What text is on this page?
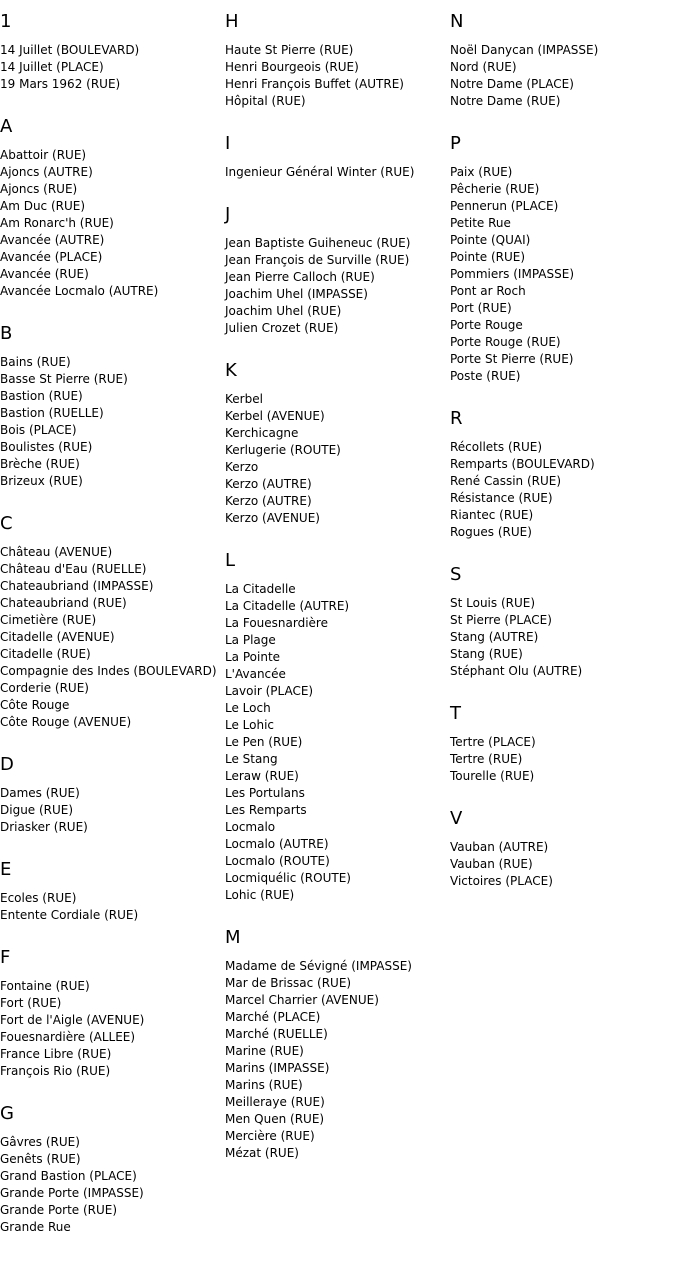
1
14 Juillet (BOULEVARD)
14 Juillet (PLACE)
19 Mars 1962 (RUE)
A
Abattoir (RUE)
Ajoncs (AUTRE)
Ajoncs (RUE)
Am Duc (RUE)
Am Ronarc'h (RUE)
Avancée (AUTRE)
Avancée (PLACE)
Avancée (RUE)
Avancée Locmalo (AUTRE)
B
Bains (RUE)
Basse St Pierre (RUE)
Bastion (RUE)
Bastion (RUELLE)
Bois (PLACE)
Boulistes (RUE)
Brèche (RUE)
Brizeux (RUE)
C
Château (AVENUE)
Château d'Eau (RUELLE)
Chateaubriand (IMPASSE)
Chateaubriand (RUE)
Cimetière (RUE)
Citadelle (AVENUE)
Citadelle (RUE)
Compagnie des Indes (BOULEVARD)
Corderie (RUE)
Côte Rouge
Côte Rouge (AVENUE)
D
Dames (RUE)
Digue (RUE)
Driasker (RUE)
E
Ecoles (RUE)
Entente Cordiale (RUE)
F
Fontaine (RUE)
Fort (RUE)
Fort de l'Aigle (AVENUE)
Fouesnardière (ALLEE)
France Libre (RUE)
François Rio (RUE)
G
Gâvres (RUE)
Genêts (RUE)
Grand Bastion (PLACE)
Grande Porte (IMPASSE)
Grande Porte (RUE)
Grande Rue
H
Haute St Pierre (RUE)
Henri Bourgeois (RUE)
Henri François Buffet (AUTRE)
Hôpital (RUE)
I
Ingenieur Général Winter (RUE)
J
Jean Baptiste Guiheneuc (RUE)
Jean François de Surville (RUE)
Jean Pierre Calloch (RUE)
Joachim Uhel (IMPASSE)
Joachim Uhel (RUE)
Julien Crozet (RUE)
K
Kerbel
Kerbel (AVENUE)
Kerchicagne
Kerlugerie (ROUTE)
Kerzo
Kerzo (AUTRE)
Kerzo (AUTRE)
Kerzo (AVENUE)
L
La Citadelle
La Citadelle (AUTRE)
La Fouesnardière
La Plage
La Pointe
L'Avancée
Lavoir (PLACE)
Le Loch
Le Lohic
Le Pen (RUE)
Le Stang
Leraw (RUE)
Les Portulans
Les Remparts
Locmalo
Locmalo (AUTRE)
Locmalo (ROUTE)
Locmiquélic (ROUTE)
Lohic (RUE)
M
Madame de Sévigné (IMPASSE)
Mar de Brissac (RUE)
Marcel Charrier (AVENUE)
Marché (PLACE)
Marché (RUELLE)
Marine (RUE)
Marins (IMPASSE)
Marins (RUE)
Meilleraye (RUE)
Men Quen (RUE)
Mercière (RUE)
Mézat (RUE)
N
Noël Danycan (IMPASSE)
Nord (RUE)
Notre Dame (PLACE)
Notre Dame (RUE)
P
Paix (RUE)
Pêcherie (RUE)
Pennerun (PLACE)
Petite Rue
Pointe (QUAI)
Pointe (RUE)
Pommiers (IMPASSE)
Pont ar Roch
Port (RUE)
Porte Rouge
Porte Rouge (RUE)
Porte St Pierre (RUE)
Poste (RUE)
R
Récollets (RUE)
Remparts (BOULEVARD)
René Cassin (RUE)
Résistance (RUE)
Riantec (RUE)
Rogues (RUE)
S
St Louis (RUE)
St Pierre (PLACE)
Stang (AUTRE)
Stang (RUE)
Stéphant Olu (AUTRE)
T
Tertre (PLACE)
Tertre (RUE)
Tourelle (RUE)
V
Vauban (AUTRE)
Vauban (RUE)
Victoires (PLACE)
